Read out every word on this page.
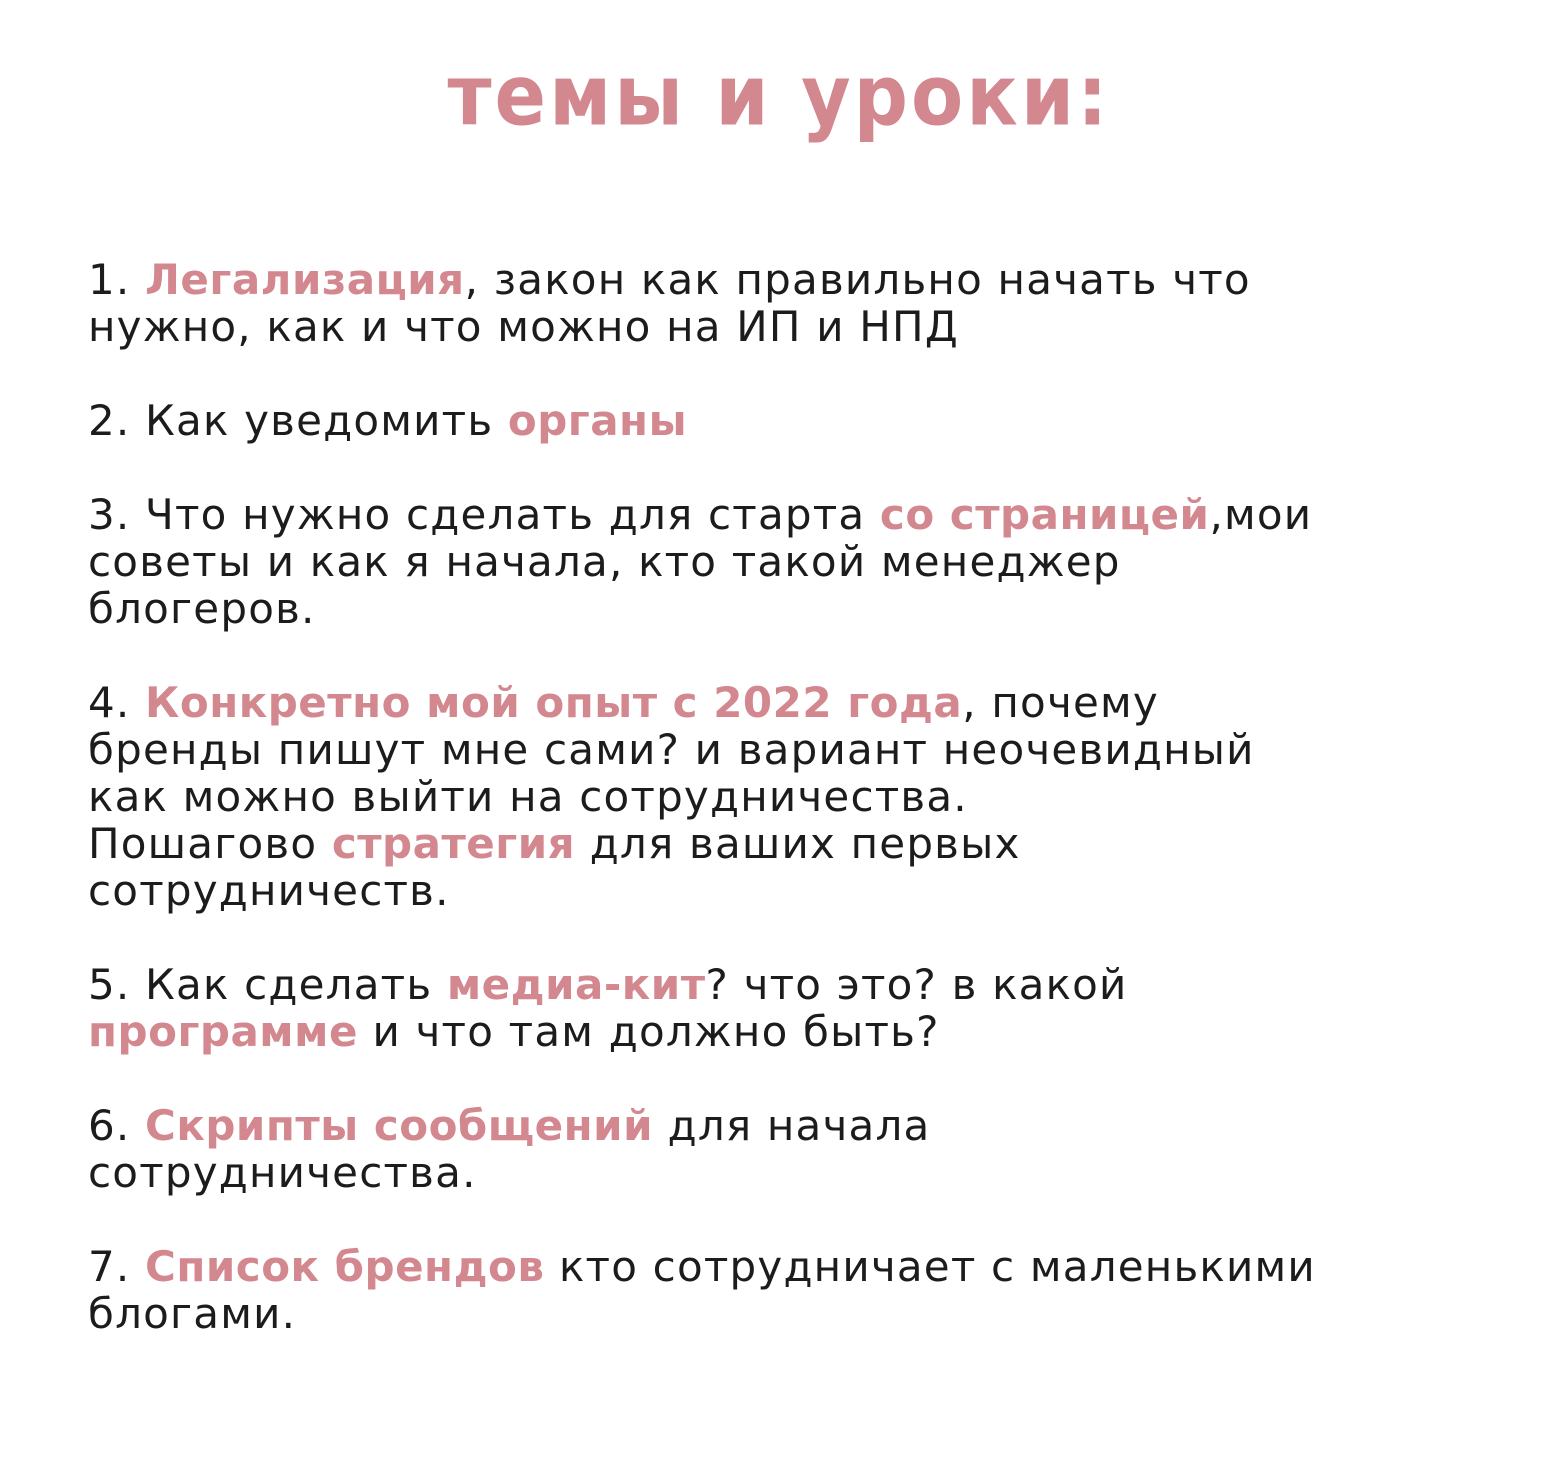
темы и уроки:
1. Легализация, закон как правильно начать что
нужно, как и что можно на ИП и НПД
2. Как уведомить органы
3. Что нужно сделать для старта со страницей,мои
советы и как я начала, кто такой менеджер
блогеров.
4. Конкретно мой опыт с 2022 года, почему
бренды пишут мне сами? и вариант неочевидный
как можно выйти на сотрудничества.
Пошагово стратегия для ваших первых
сотрудничеств.
5. Как сделать медиа-кит? что это? в какой
программе и что там должно быть?
6. Скрипты сообщений для начала
сотрудничества.
7. Список брендов кто сотрудничает с маленькими
блогами.
